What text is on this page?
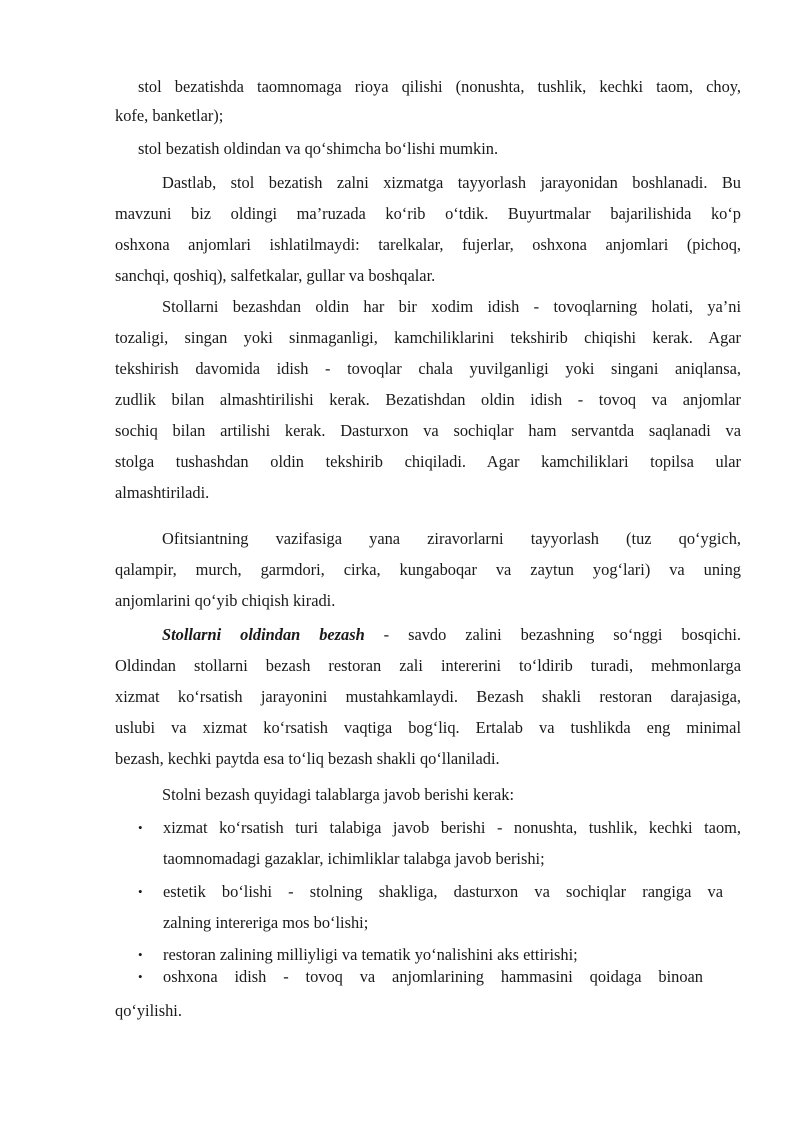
stol bezatishda taomnomaga rioya qilishi (nonushta, tushlik, kechki taom, choy,

kofe, banketlar);

stol bezatish oldindan va qo‘shimcha bo‘lishi mumkin.

Dastlab, stol bezatish zalni xizmatga tayyorlash jarayonidan boshlanadi. Bu

mavzuni biz oldingi ma’ruzada ko‘rib o‘tdik. Buyurtmalar bajarilishida ko‘p

oshxona anjomlari ishlatilmaydi: tarelkalar, fujerlar, oshxona anjomlari (pichoq,

sanchqi, qoshiq), salfetkalar, gullar va boshqalar.

Stollarni bezashdan oldin har bir xodim idish - tovoqlarning holati, ya’ni

tozaligi, singan yoki sinmaganligi, kamchiliklarini tekshirib chiqishi kerak. Agar

tekshirish davomida idish - tovoqlar chala yuvilganligi yoki singani aniqlansa,

zudlik bilan almashtirilishi kerak. Bezatishdan oldin idish - tovoq va anjomlar

sochiq bilan artilishi kerak. Dasturxon va sochiqlar ham servantda saqlanadi va

stolga tushashdan oldin tekshirib chiqiladi. Agar kamchiliklari topilsa ular

almashtiriladi.

Ofitsiantning vazifasiga yana ziravorlarni tayyorlash (tuz qo‘ygich,

qalampir, murch, garmdori, cirka, kungaboqar va zaytun yog‘lari) va uning

anjomlarini qo‘yib chiqish kiradi.

Stollarni oldindan bezash - savdo zalini bezashning so‘nggi bosqichi.

Oldindan stollarni bezash restoran zali intererini to‘ldirib turadi, mehmonlarga

xizmat ko‘rsatish jarayonini mustahkamlaydi. Bezash shakli restoran darajasiga,

uslubi va xizmat ko‘rsatish vaqtiga bog‘liq. Ertalab va tushlikda eng minimal

bezash, kechki paytda esa to‘liq bezash shakli qo‘llaniladi.

Stolni bezash quyidagi talablarga javob berishi kerak:

• xizmat ko‘rsatish turi talabiga javob berishi - nonushta, tushlik, kechki taom,

taomnomadagi gazaklar, ichimliklar talabga javob berishi;

• estetik bo‘lishi - stolning shakliga, dasturxon va sochiqlar rangiga va

zalning intereriga mos bo‘lishi;

• restoran zalining milliyligi va tematik yo‘nalishini aks ettirishi;

• oshxona idish - tovoq va anjomlarining hammasini qoidaga binoan

qo‘yilishi.
